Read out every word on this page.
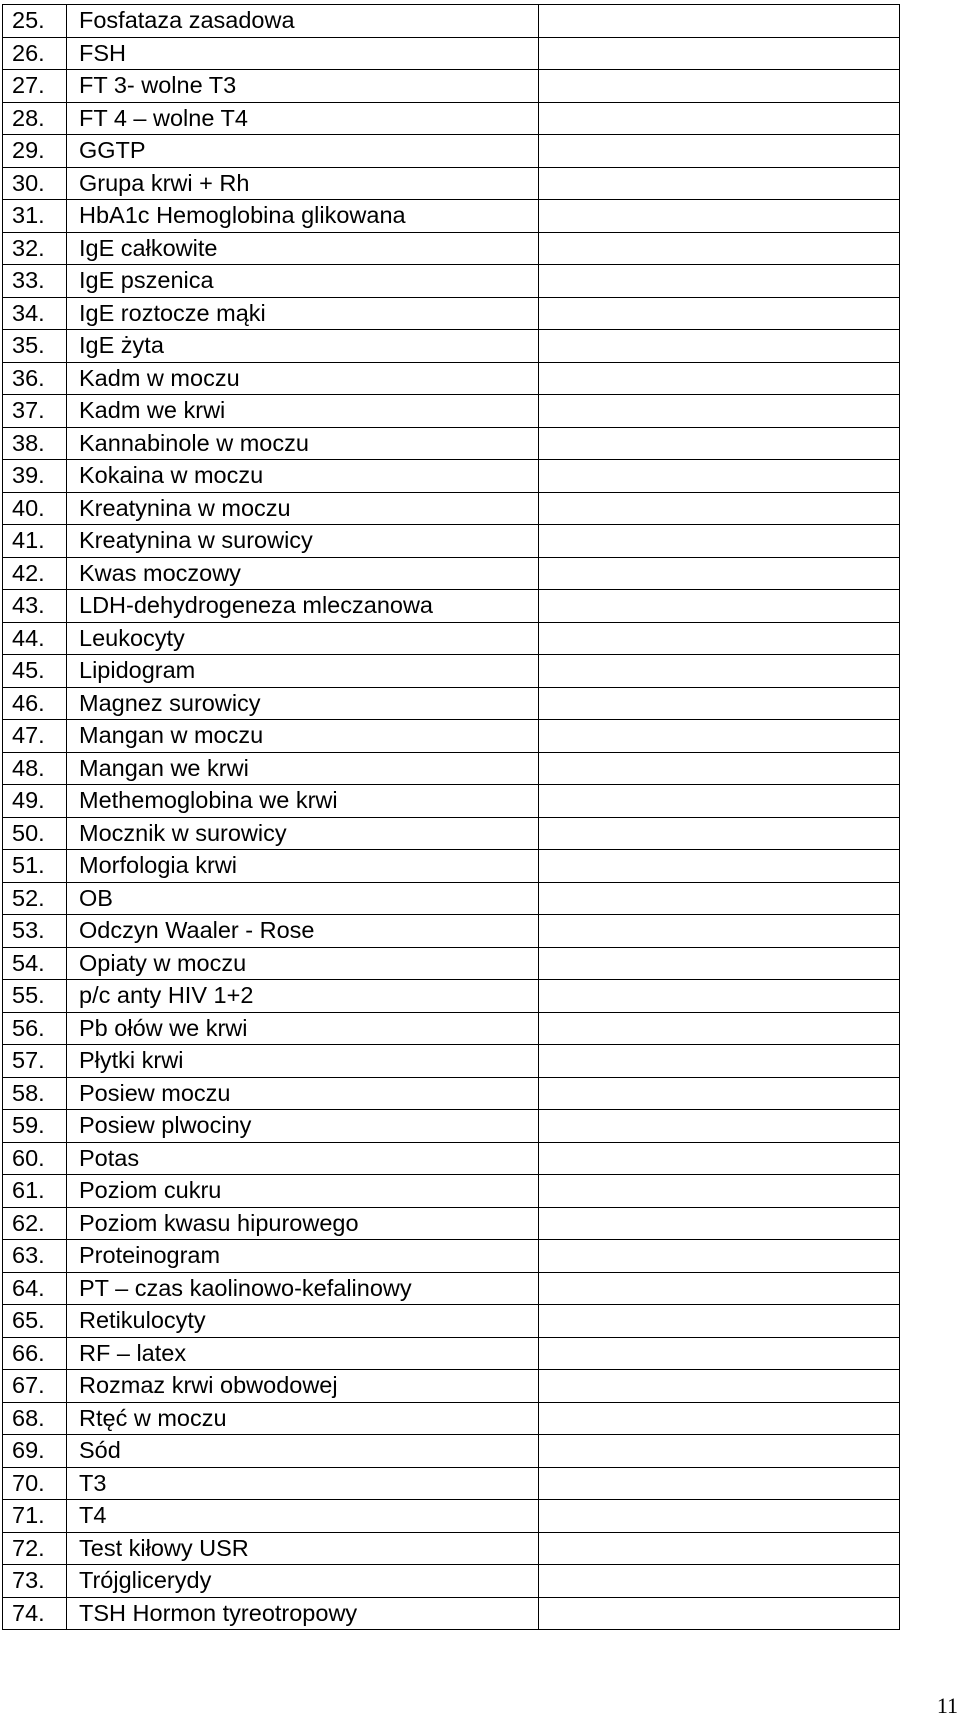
25.	Fosfataza zasadowa	
26.	FSH	
27.	FT 3- wolne T3	
28.	FT 4 – wolne T4	
29.	GGTP	
30.	Grupa krwi + Rh	
31.	HbA1c Hemoglobina glikowana	
32.	IgE całkowite	
33.	IgE pszenica	
34.	IgE roztocze mąki	
35.	IgE żyta	
36.	Kadm w moczu	
37.	Kadm we krwi	
38.	Kannabinole w moczu	
39.	Kokaina w moczu	
40.	Kreatynina w moczu	
41.	Kreatynina w surowicy	
42.	Kwas moczowy	
43.	LDH-dehydrogeneza mleczanowa	
44.	Leukocyty	
45.	Lipidogram	
46.	Magnez surowicy	
47.	Mangan w moczu	
48.	Mangan we krwi	
49.	Methemoglobina we krwi	
50.	Mocznik w surowicy	
51.	Morfologia krwi	
52.	OB	
53.	Odczyn Waaler - Rose	
54.	Opiaty w moczu	
55.	p/c anty HIV 1+2	
56.	Pb ołów we krwi	
57.	Płytki krwi	
58.	Posiew moczu	
59.	Posiew plwociny	
60.	Potas	
61.	Poziom cukru	
62.	Poziom kwasu hipurowego	
63.	Proteinogram	
64.	PT – czas kaolinowo-kefalinowy	
65.	Retikulocyty	
66.	RF – latex	
67.	Rozmaz krwi obwodowej	
68.	Rtęć w moczu	
69.	Sód	
70.	T3	
71.	T4	
72.	Test kiłowy USR	
73.	Trójglicerydy	
74.	TSH Hormon tyreotropowy	
11
